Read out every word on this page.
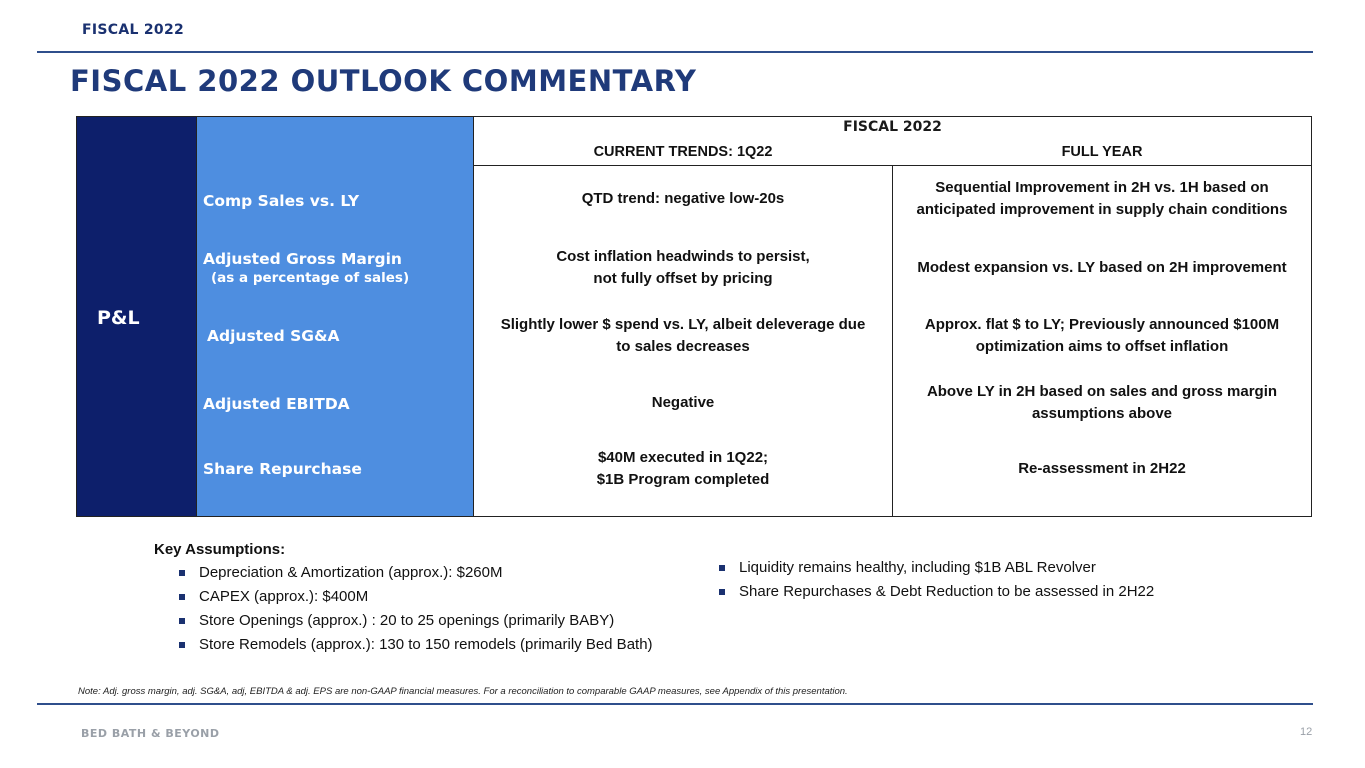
FISCAL 2022
FISCAL 2022 OUTLOOK COMMENTARY
P&L
Comp Sales vs. LY
Adjusted Gross Margin
(as a percentage of sales)
Adjusted SG&A
Adjusted EBITDA
Share Repurchase
FISCAL 2022
CURRENT TRENDS: 1Q22	FULL YEAR
QTD trend: negative low-20s
Sequential Improvement in 2H vs. 1H based on
anticipated improvement in supply chain conditions
Cost inflation headwinds to persist,
not fully offset by pricing
Modest expansion vs. LY based on 2H improvement
Slightly lower $ spend vs. LY, albeit deleverage due
to sales decreases
Approx. flat $ to LY; Previously announced $100M
optimization aims to offset inflation
Negative
Above LY in 2H based on sales and gross margin
assumptions above
$40M executed in 1Q22;
$1B Program completed
Re-assessment in 2H22
Key Assumptions:
Depreciation & Amortization (approx.): $260M
CAPEX (approx.): $400M
Store Openings (approx.) : 20 to 25 openings (primarily BABY)
Store Remodels (approx.): 130 to 150 remodels (primarily Bed Bath)
Liquidity remains healthy, including $1B ABL Revolver
Share Repurchases & Debt Reduction to be assessed in 2H22
Note: Adj. gross margin, adj. SG&A, adj, EBITDA & adj. EPS are non-GAAP financial measures. For a reconciliation to comparable GAAP measures, see Appendix of this presentation.
BED BATH & BEYOND	12
